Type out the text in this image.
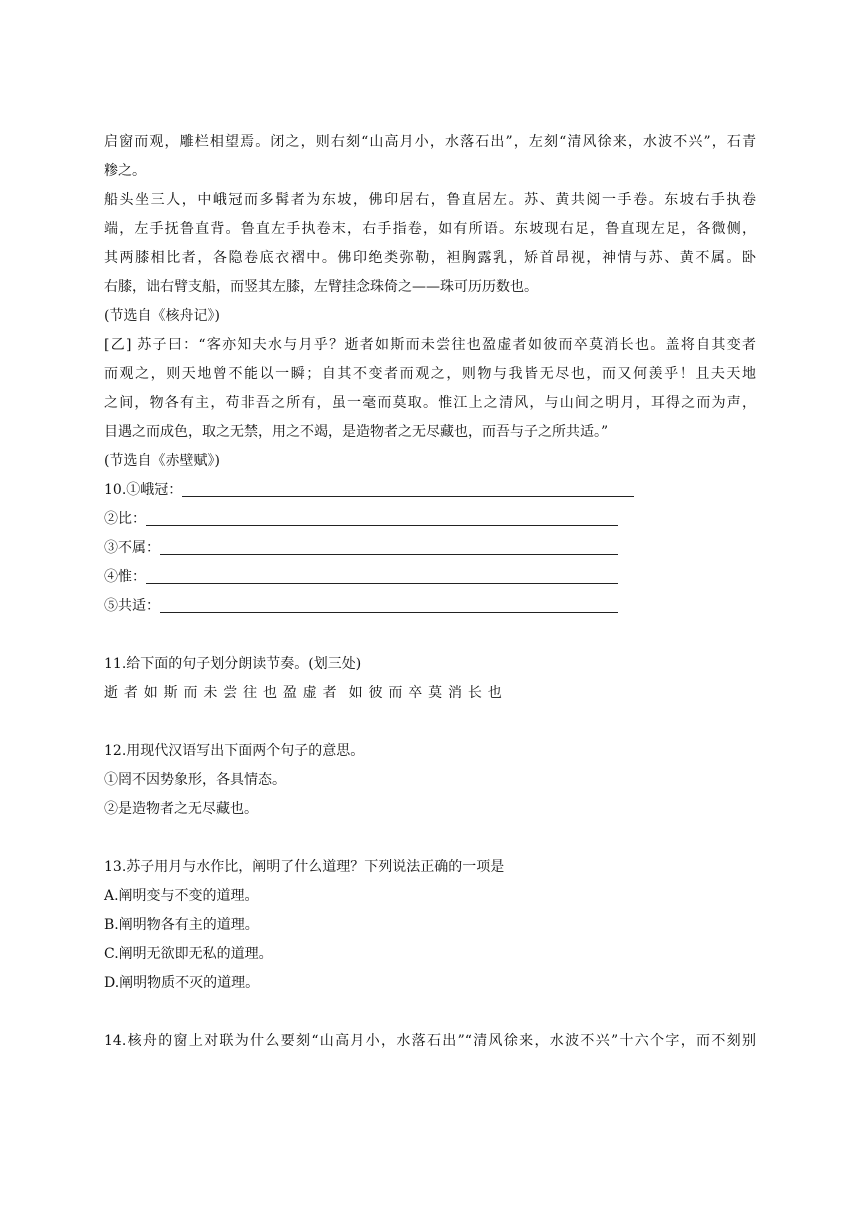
启窗而观，雕栏相望焉。闭之，则右刻“山高月小，水落石出”，左刻“清风徐来，水波不兴”，石青
糁之。
船头坐三人，中峨冠而多髯者为东坡，佛印居右，鲁直居左。苏、黄共阅一手卷。东坡右手执卷
端，左手抚鲁直背。鲁直左手执卷末，右手指卷，如有所语。东坡现右足，鲁直现左足，各微侧，
其两膝相比者，各隐卷底衣褶中。佛印绝类弥勒，袒胸露乳，矫首昂视，神情与苏、黄不属。卧
右膝，诎右臂支船，而竖其左膝，左臂挂念珠倚之——珠可历历数也。
(节选自《核舟记》)
[乙] 苏子曰：“客亦知夫水与月乎？逝者如斯而未尝往也盈虚者如彼而卒莫消长也。盖将自其变者
而观之，则天地曾不能以一瞬；自其不变者而观之，则物与我皆无尽也，而又何羡乎！且夫天地
之间，物各有主，苟非吾之所有，虽一毫而莫取。惟江上之清风，与山间之明月，耳得之而为声，
目遇之而成色，取之无禁，用之不竭，是造物者之无尽藏也，而吾与子之所共适。”
(节选自《赤壁赋》)
10.①峨冠：
②比：
③不属：
④惟：
⑤共适：
11.给下面的句子划分朗读节奏。(划三处)
逝者如斯而未尝往也盈虚者 如彼而卒莫消长也
12.用现代汉语写出下面两个句子的意思。
①罔不因势象形，各具情态。
②是造物者之无尽藏也。
13.苏子用月与水作比，阐明了什么道理？下列说法正确的一项是
A.阐明变与不变的道理。
B.阐明物各有主的道理。
C.阐明无欲即无私的道理。
D.阐明物质不灭的道理。
14.核舟的窗上对联为什么要刻“山高月小，水落石出”“清风徐来，水波不兴”十六个字，而不刻别
